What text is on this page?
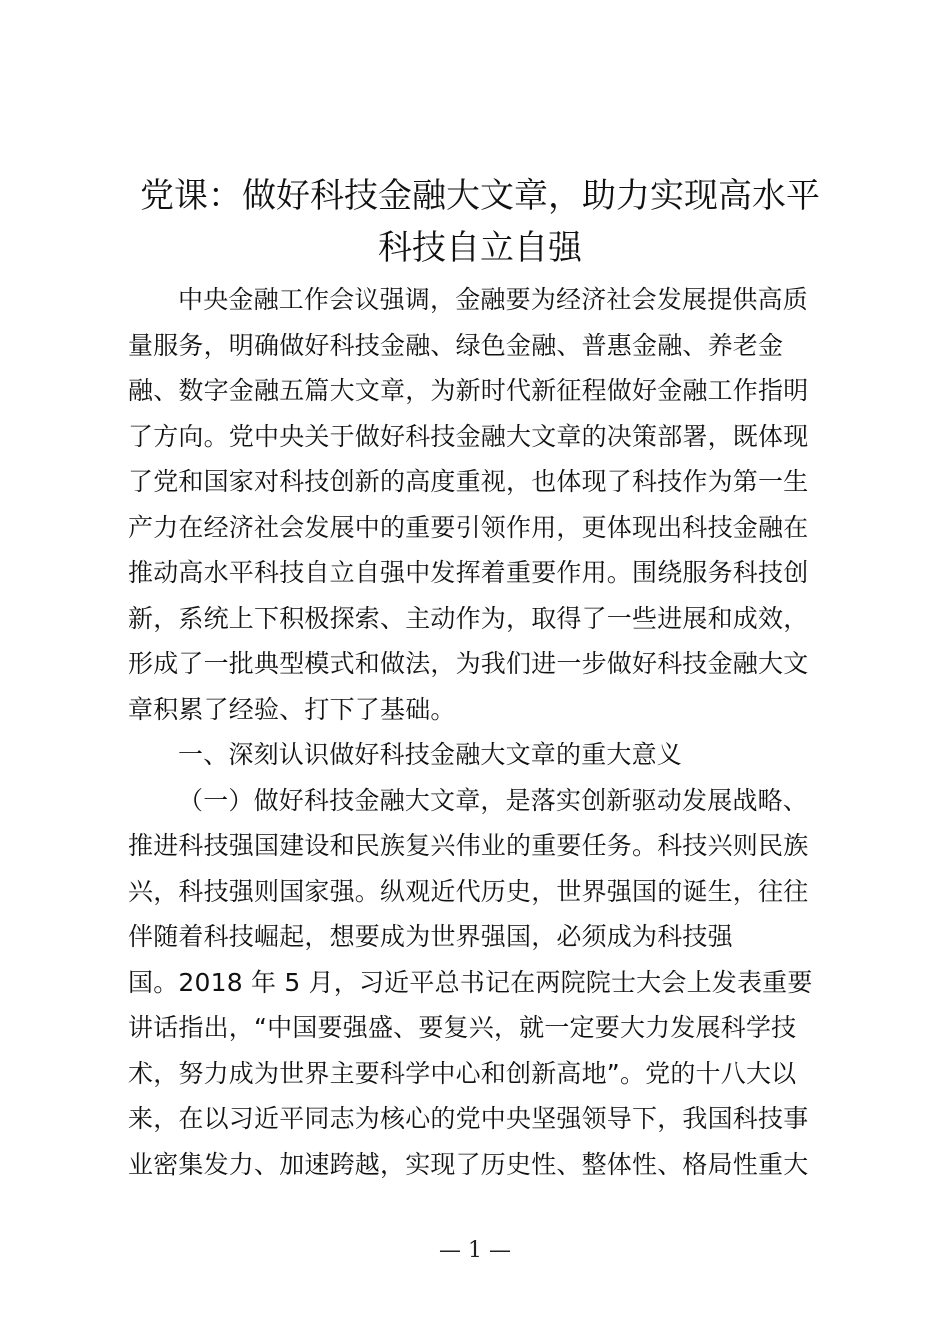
党课：做好科技金融大文章，助力实现高水平
科技自立自强
中央金融工作会议强调，金融要为经济社会发展提供高质
量服务，明确做好科技金融、绿色金融、普惠金融、养老金
融、数字金融五篇大文章，为新时代新征程做好金融工作指明
了方向。党中央关于做好科技金融大文章的决策部署，既体现
了党和国家对科技创新的高度重视，也体现了科技作为第一生
产力在经济社会发展中的重要引领作用，更体现出科技金融在
推动高水平科技自立自强中发挥着重要作用。围绕服务科技创
新，系统上下积极探索、主动作为，取得了一些进展和成效，
形成了一批典型模式和做法，为我们进一步做好科技金融大文
章积累了经验、打下了基础。
一、深刻认识做好科技金融大文章的重大意义
（一）做好科技金融大文章，是落实创新驱动发展战略、
推进科技强国建设和民族复兴伟业的重要任务。科技兴则民族
兴，科技强则国家强。纵观近代历史，世界强国的诞生，往往
伴随着科技崛起，想要成为世界强国，必须成为科技强
国。2018 年 5 月，习近平总书记在两院院士大会上发表重要
讲话指出，“中国要强盛、要复兴，就一定要大力发展科学技
术，努力成为世界主要科学中心和创新高地”。党的十八大以
来，在以习近平同志为核心的党中央坚强领导下，我国科技事
业密集发力、加速跨越，实现了历史性、整体性、格局性重大
— 1 —
